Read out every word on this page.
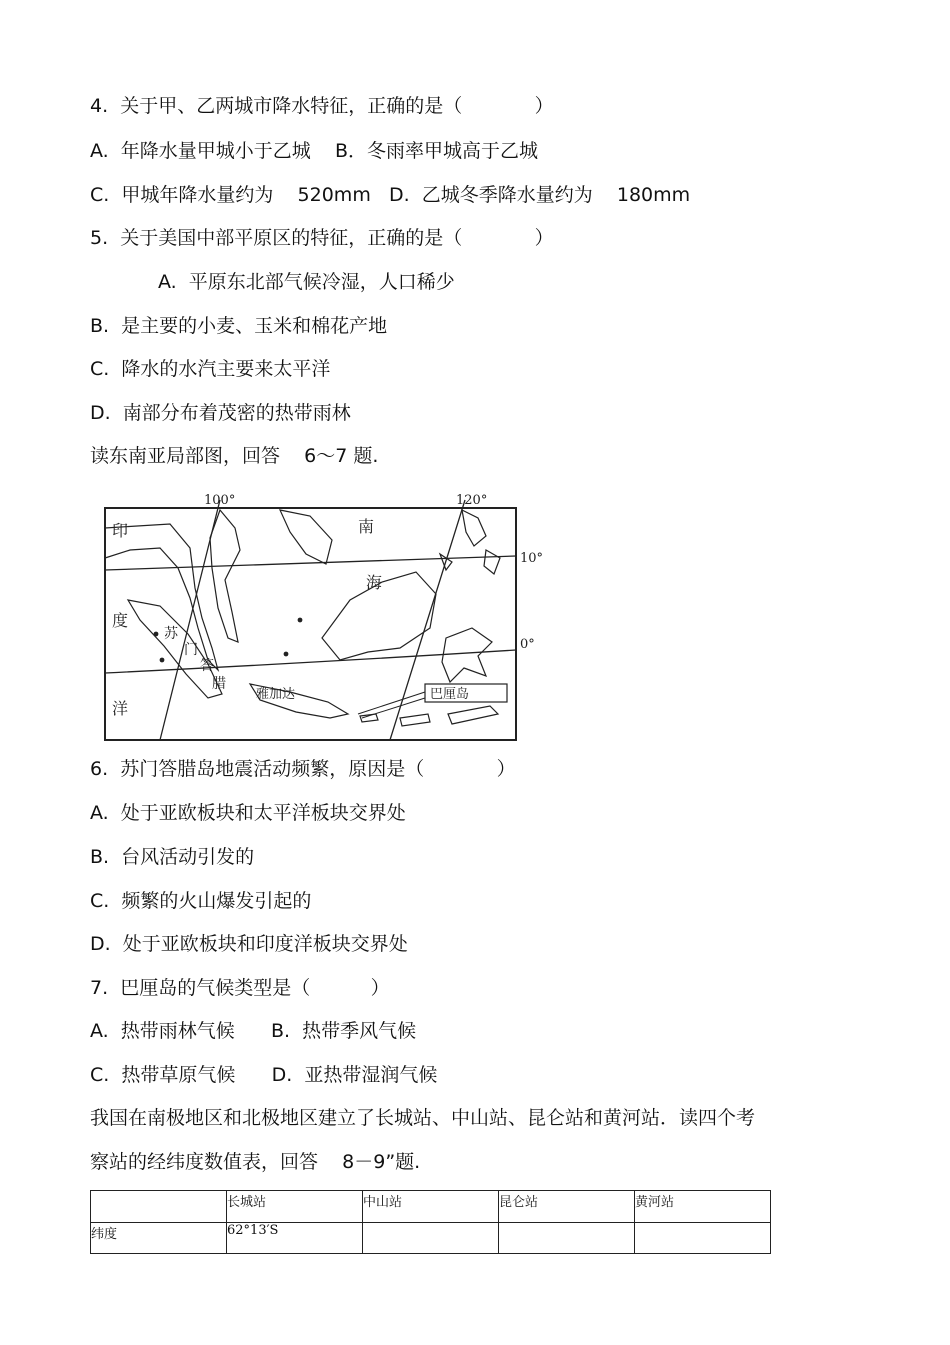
4.  关于甲、乙两城市降水特征，正确的是（            ）
A.  年降水量甲城小于乙城    B．冬雨率甲城高于乙城
C.  甲城年降水量约为    520mm   D.  乙城冬季降水量约为    180mm
5.  关于美国中部平原区的特征，正确的是（            ）
A.  平原东北部气候冷湿，人口稀少
B.  是主要的小麦、玉米和棉花产地
C.  降水的水汽主要来太平洋
D.  南部分布着茂密的热带雨林
读东南亚局部图，回答    6～7 题.
100°	120°
10°
0°
印
度
洋
南
海
苏
门
答
腊
雅加达	巴厘岛
6.  苏门答腊岛地震活动频繁，原因是（            ）
A.  处于亚欧板块和太平洋板块交界处
B.  台风活动引发的
C.  频繁的火山爆发引起的
D.  处于亚欧板块和印度洋板块交界处
7.  巴厘岛的气候类型是（          ）
A.  热带雨林气候      B.  热带季风气候
C.  热带草原气候      D.  亚热带湿润气候
我国在南极地区和北极地区建立了长城站、中山站、昆仑站和黄河站．读四个考
察站的经纬度数值表，回答    8－9”题.
	长城站	中山站	昆仑站	黄河站
纬度	62°13′S			
